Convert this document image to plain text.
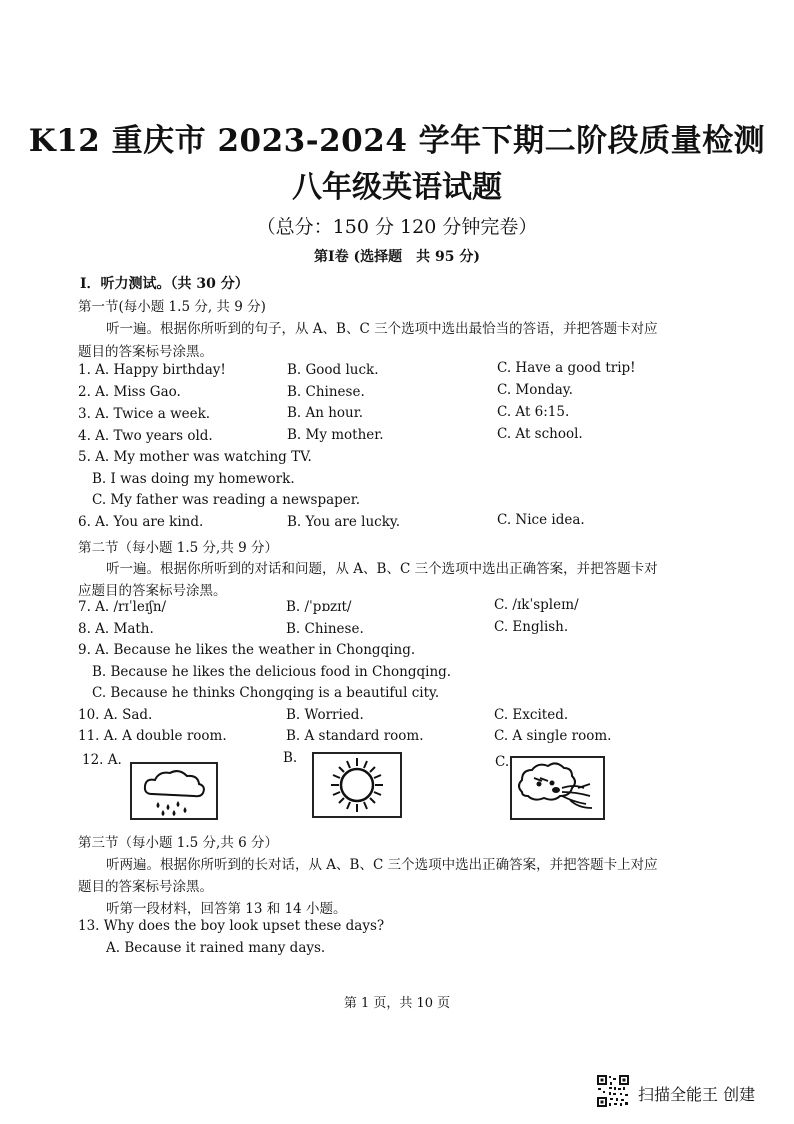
K12 重庆市 2023-2024 学年下期二阶段质量检测
八年级英语试题
（总分：150 分 120 分钟完卷）
第Ⅰ卷 (选择题　共 95 分)
I．听力测试。（共 30 分）
第一节(每小题 1.5 分, 共 9 分)
听一遍。根据你所听到的句子，从 A、B、C 三个选项中选出最恰当的答语，并把答题卡对应
题目的答案标号涂黑。
1. A. Happy birthday!	B. Good luck.	C. Have a good trip!
2. A. Miss Gao.	B. Chinese.	C. Monday.
3. A. Twice a week.	B. An hour.	C. At 6:15.
4. A. Two years old.	B. My mother.	C. At school.
5. A. My mother was watching TV.
B. I was doing my homework.
C. My father was reading a newspaper.
6. A. You are kind.	B. You are lucky.	C. Nice idea.
第二节（每小题 1.5 分,共 9 分）
听一遍。根据你所听到的对话和问题，从 A、B、C 三个选项中选出正确答案，并把答题卡对
应题目的答案标号涂黑。
7. A. /rɪˈleɪʃn/	B. /ˈpɒzɪt/	C. /ɪkˈspleɪn/
8. A. Math.	B. Chinese.	C. English.
9. A. Because he likes the weather in Chongqing.
B. Because he likes the delicious food in Chongqing.
C. Because he thinks Chongqing is a beautiful city.
10. A. Sad.	B. Worried.	C. Excited.
11. A. A double room.	B. A standard room.	C. A single room.
12. A.	B.	C.
第三节（每小题 1.5 分,共 6 分）
听两遍。根据你所听到的长对话，从 A、B、C 三个选项中选出正确答案，并把答题卡上对应
题目的答案标号涂黑。
听第一段材料，回答第 13 和 14 小题。
13. Why does the boy look upset these days?
A. Because it rained many days.
第 1 页，共 10 页
扫描全能王 创建
